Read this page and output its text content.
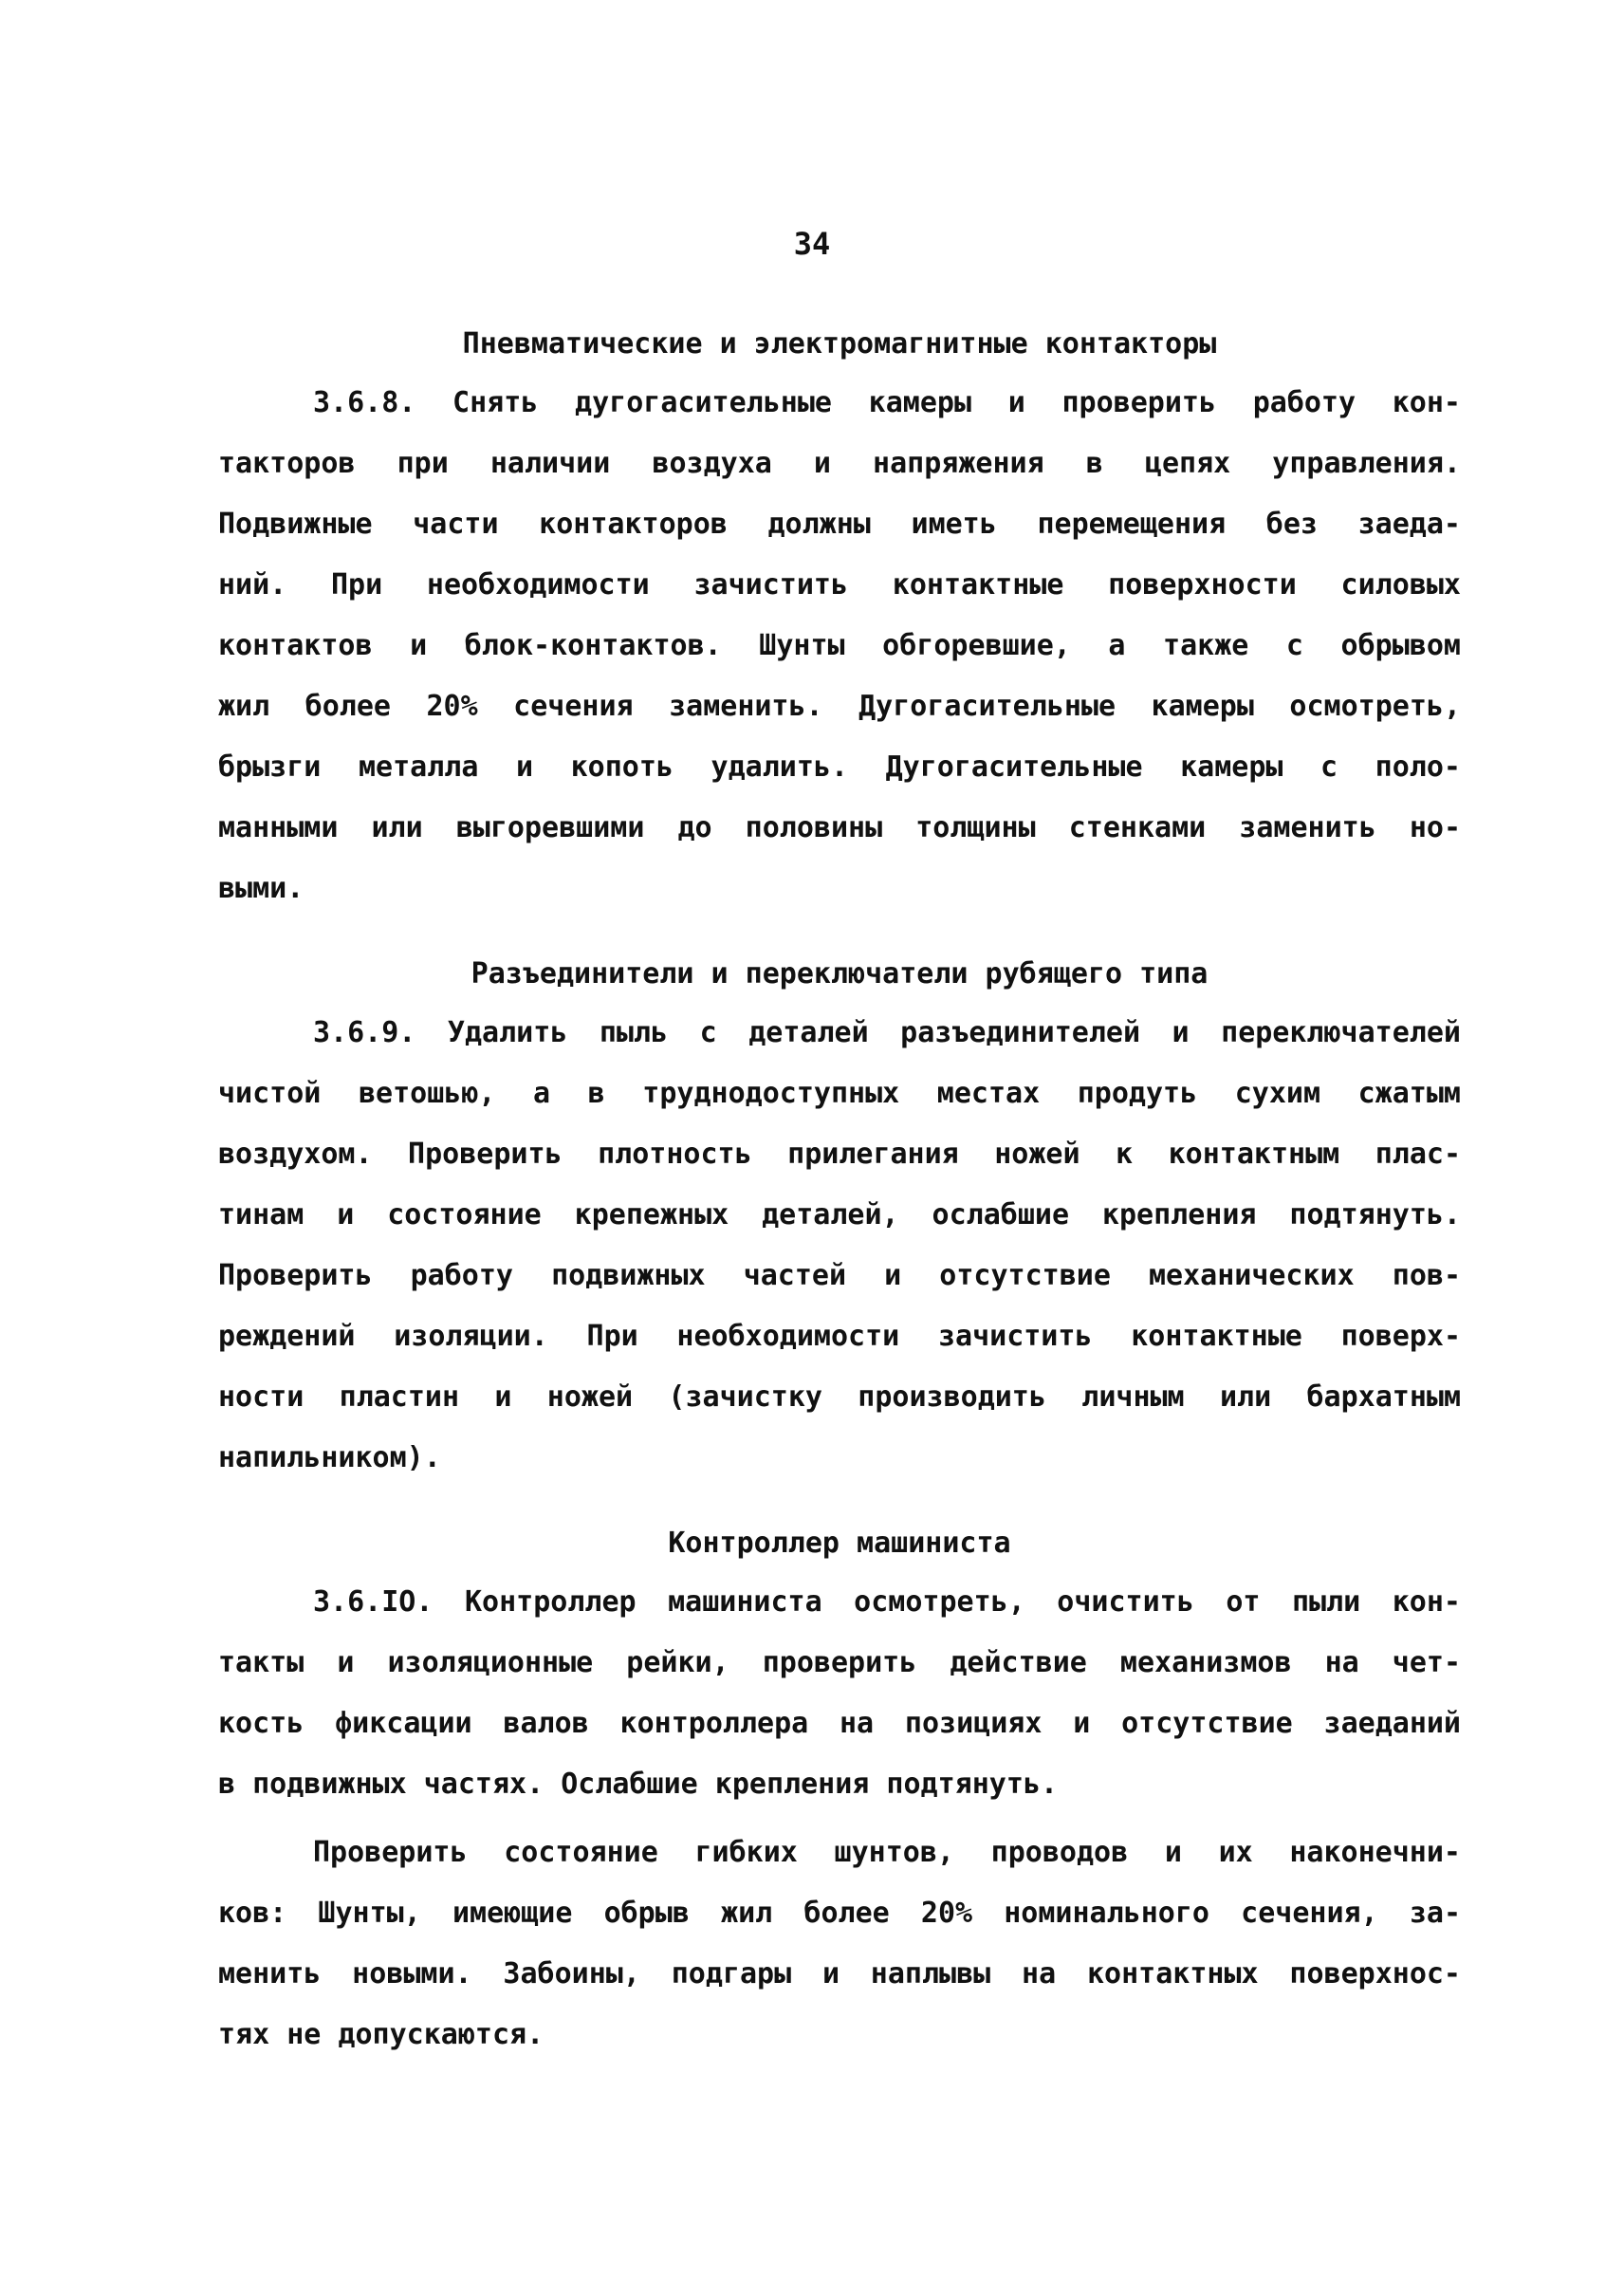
34
Пневматические и электромагнитные контакторы
3.6.8. Снять дугогасительные камеры и проверить работу кон-
такторов при наличии воздуха и напряжения в цепях управления.
Подвижные части контакторов должны иметь перемещения без заеда-
ний. При необходимости зачистить контактные поверхности силовых
контактов и блок-контактов. Шунты обгоревшие, а также с обрывом
жил более 20% сечения заменить. Дугогасительные камеры осмотреть,
брызги металла и копоть удалить. Дугогасительные камеры с поло-
манными или выгоревшими до половины толщины стенками заменить но-
выми.
Разъединители и переключатели рубящего типа
3.6.9. Удалить пыль с деталей разъединителей и переключателей
чистой ветошью, а в труднодоступных местах продуть сухим сжатым
воздухом. Проверить плотность прилегания ножей к контактным плас-
тинам и состояние крепежных деталей, ослабшие крепления подтянуть.
Проверить работу подвижных частей и отсутствие механических пов-
реждений изоляции. При необходимости зачистить контактные поверх-
ности пластин и ножей (зачистку производить личным или бархатным
напильником).
Контроллер машиниста
3.6.IO. Контроллер машиниста осмотреть, очистить от пыли кон-
такты и изоляционные рейки, проверить действие механизмов на чет-
кость фиксации валов контроллера на позициях и отсутствие заеданий
в подвижных частях. Ослабшие крепления подтянуть.
Проверить состояние гибких шунтов, проводов и их наконечни-
ков: Шунты, имеющие обрыв жил более 20% номинального сечения, за-
менить новыми. Забоины, подгары и наплывы на контактных поверхнос-
тях не допускаются.
